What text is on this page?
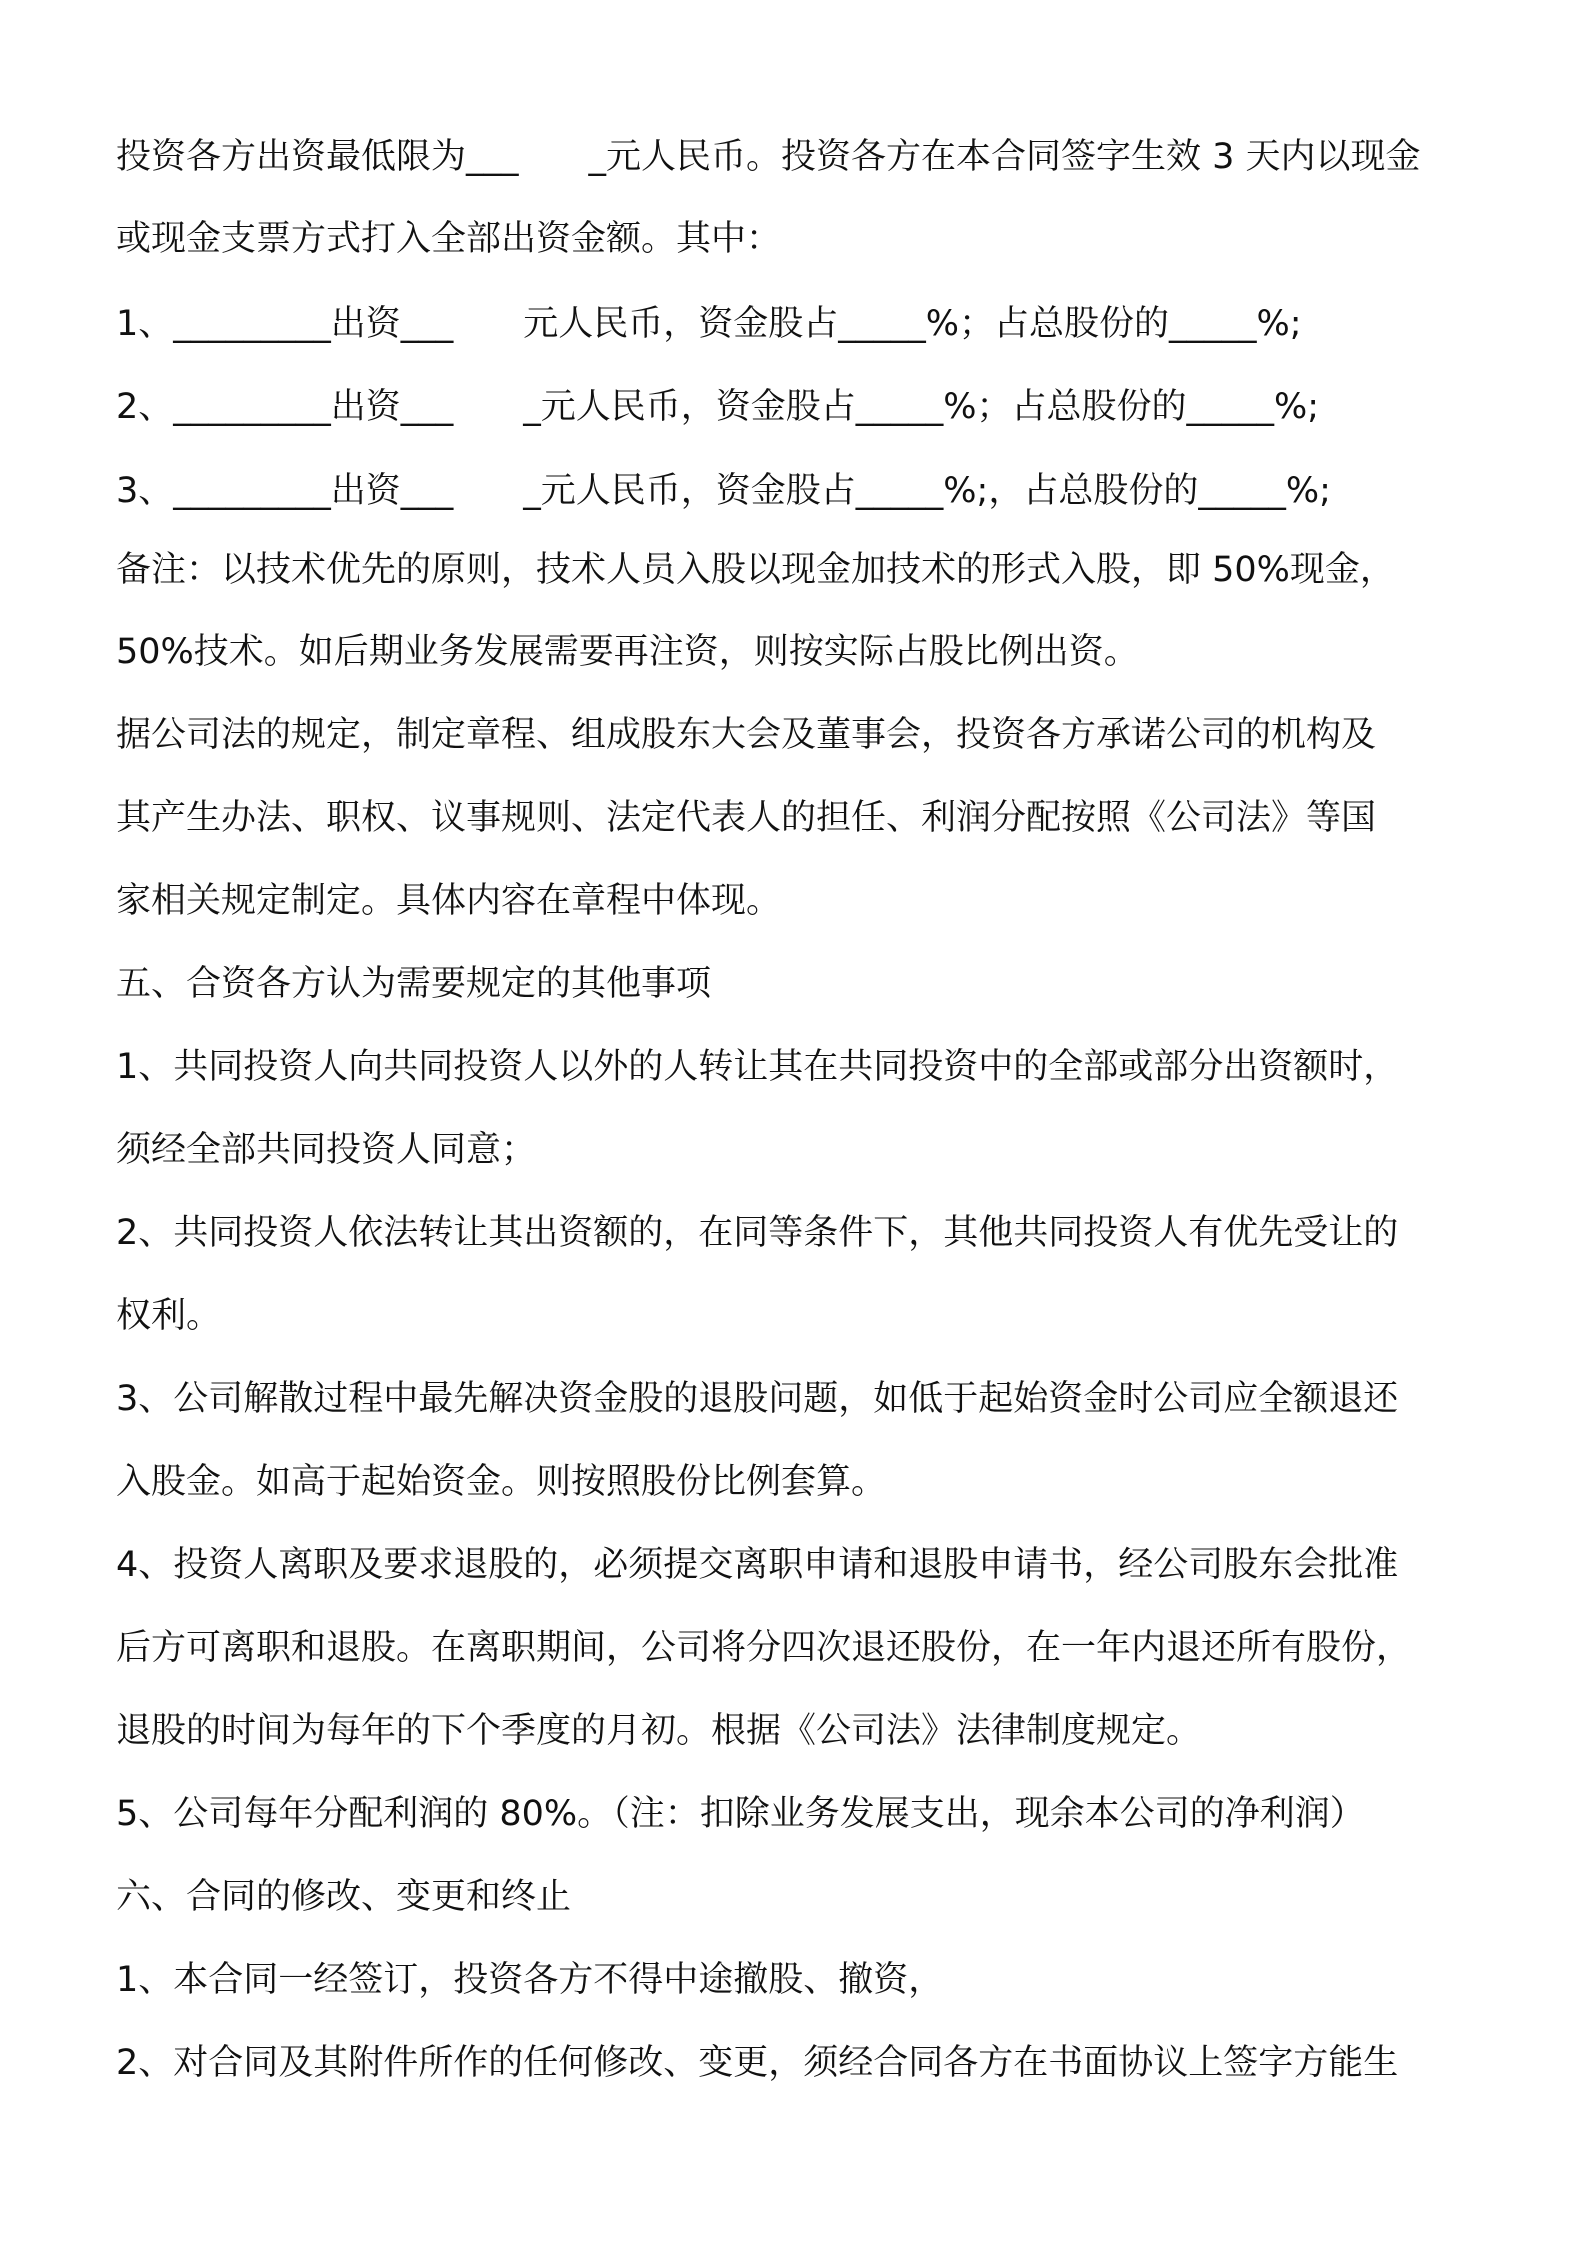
投资各方出资最低限为___　　_元人民币。投资各方在本合同签字生效 3 天内以现金
或现金支票方式打入全部出资金额。其中：
1、_________出资___　　元人民币，资金股占_____%；占总股份的_____%;
2、_________出资___　　_元人民币，资金股占_____%；占总股份的_____%;
3、_________出资___　　_元人民币，资金股占_____%;，占总股份的_____%;
备注：以技术优先的原则，技术人员入股以现金加技术的形式入股，即 50%现金，
50%技术。如后期业务发展需要再注资，则按实际占股比例出资。
据公司法的规定，制定章程、组成股东大会及董事会，投资各方承诺公司的机构及
其产生办法、职权、议事规则、法定代表人的担任、利润分配按照《公司法》等国
家相关规定制定。具体内容在章程中体现。
五、合资各方认为需要规定的其他事项
1、共同投资人向共同投资人以外的人转让其在共同投资中的全部或部分出资额时，
须经全部共同投资人同意；
2、共同投资人依法转让其出资额的，在同等条件下，其他共同投资人有优先受让的
权利。
3、公司解散过程中最先解决资金股的退股问题，如低于起始资金时公司应全额退还
入股金。如高于起始资金。则按照股份比例套算。
4、投资人离职及要求退股的，必须提交离职申请和退股申请书，经公司股东会批准
后方可离职和退股。在离职期间，公司将分四次退还股份，在一年内退还所有股份，
退股的时间为每年的下个季度的月初。根据《公司法》法律制度规定。
5、公司每年分配利润的 80%。（注：扣除业务发展支出，现余本公司的净利润）
六、合同的修改、变更和终止
1、本合同一经签订，投资各方不得中途撤股、撤资，
2、对合同及其附件所作的任何修改、变更，须经合同各方在书面协议上签字方能生
